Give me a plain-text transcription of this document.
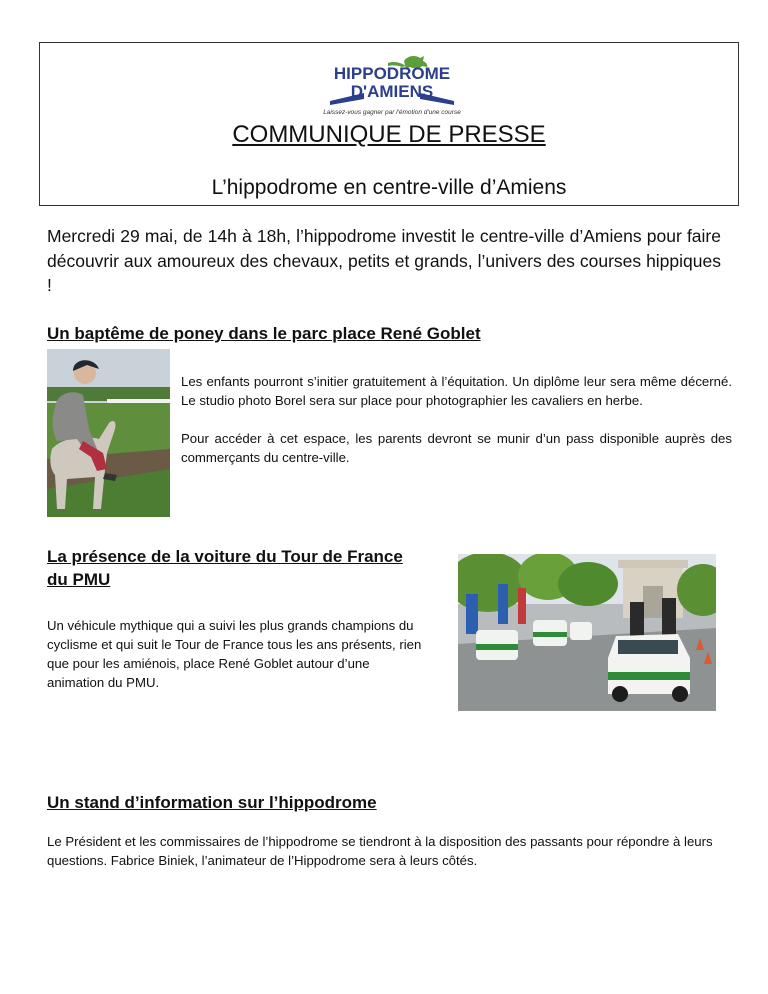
HIPPODROME
D'AMIENS
Laissez-vous gagner par l'émotion d'une course
COMMUNIQUE DE PRESSE
L’hippodrome en centre-ville d’Amiens

Mercredi 29 mai, de 14h à 18h, l’hippodrome investit le centre-ville d’Amiens pour faire découvrir aux amoureux des chevaux, petits et grands, l’univers des courses hippiques !

Un baptême de poney dans le parc place René Goblet

Les enfants pourront s’initier gratuitement à l’équitation. Un diplôme leur sera même décerné. Le studio photo Borel sera sur place pour photographier les cavaliers en herbe.

Pour accéder à cet espace, les parents devront se munir d’un pass disponible auprès des commerçants du centre-ville.

La présence de la voiture du Tour de France du PMU

Un véhicule mythique qui a suivi les plus grands champions du cyclisme et qui suit le Tour de France tous les ans présents, rien que pour les amiénois, place René Goblet autour d’une animation du PMU.

Un stand d’information sur l’hippodrome

Le Président et les commissaires de l’hippodrome se tiendront à la disposition des passants pour répondre à leurs questions. Fabrice Biniek, l’animateur de l’Hippodrome sera à leurs côtés.
